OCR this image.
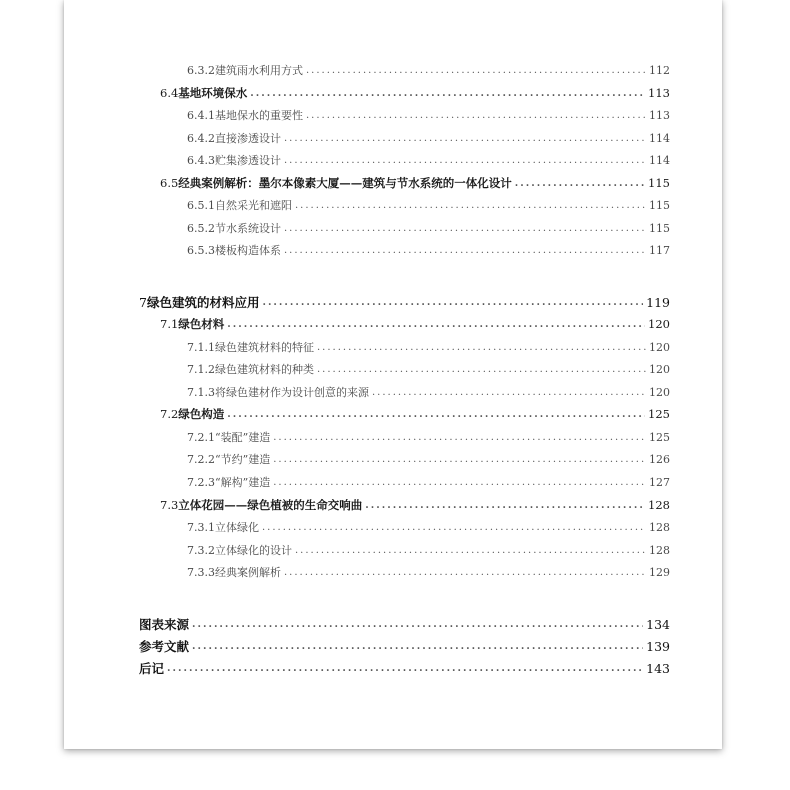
6.3.2 建筑雨水利用方式 .....	112
6.4 基地环境保水 .....	113
6.4.1 基地保水的重要性 .....	113
6.4.2 直接渗透设计 .....	114
6.4.3 贮集渗透设计 .....	114
6.5 经典案例解析：墨尔本像素大厦——建筑与节水系统的一体化设计 .....	115
6.5.1 自然采光和遮阳 .....	115
6.5.2 节水系统设计 .....	115
6.5.3 楼板构造体系 .....	117
7 绿色建筑的材料应用 .....	119
7.1 绿色材料 .....	120
7.1.1 绿色建筑材料的特征 .....	120
7.1.2 绿色建筑材料的种类 .....	120
7.1.3 将绿色建材作为设计创意的来源 .....	120
7.2 绿色构造 .....	125
7.2.1 “装配”建造 .....	125
7.2.2 “节约”建造 .....	126
7.2.3 “解构”建造 .....	127
7.3 立体花园——绿色植被的生命交响曲 .....	128
7.3.1 立体绿化 .....	128
7.3.2 立体绿化的设计 .....	128
7.3.3 经典案例解析 .....	129
图表来源 .....	134
参考文献 .....	139
后记 .....	143
